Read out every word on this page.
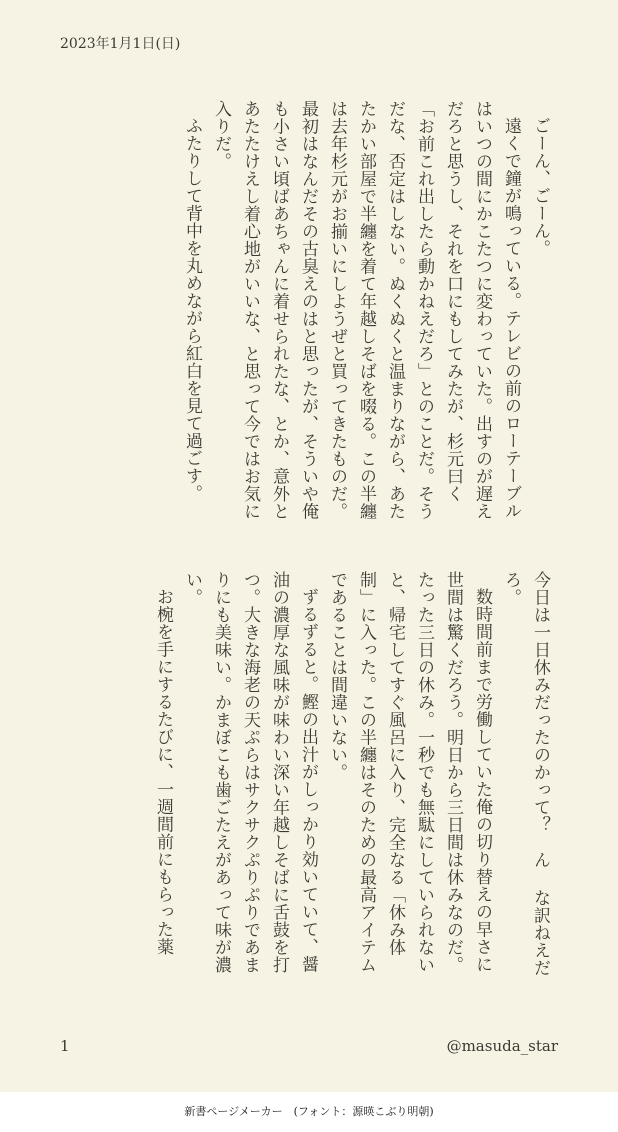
2023年1月1日(日)

ごーん、ごーん。

遠くで鐘が鳴っている。テレビの前のローテーブルはいつの間にかこたつに変わっていた。出すのが遅えだろと思うし、それを口にもしてみたが、杉元曰く「お前これ出したら動かねえだろ」とのことだ。そうだな、否定はしない。ぬくぬくと温まりながら、あたたかい部屋で半纏を着て年越しそばを啜る。この半纏は去年杉元がお揃いにしようぜと買ってきたものだ。最初はなんだその古臭えのはと思ったが、そういや俺も小さい頃ばあちゃんに着せられたな、とか、意外とあたたけえし着心地がいいな、と思って今ではお気に入りだ。

ふたりして背中を丸めながら紅白を見て過ごす。

今日は一日休みだったのかって？　ん な訳ねえだろ。

数時間前まで労働していた俺の切り替えの早さに世間は驚くだろう。明日から三日間は休みなのだ。たった三日の休み。一秒でも無駄にしていられないと、帰宅してすぐ風呂に入り、完全なる「休み体制」に入った。この半纏はそのための最高アイテムであることは間違いない。

ずるずると。鰹の出汁がしっかり効いていて、醤油の濃厚な風味が味わい深い年越しそばに舌鼓を打つ。大きな海老の天ぷらはサクサクぷりぷりであまりにも美味い。かまぼこも歯ごたえがあって味が濃い。

お椀を手にするたびに、一週間前にもらった薬

1	@masuda_star
新書ページメーカー　(フォント：源暎こぶり明朝)
